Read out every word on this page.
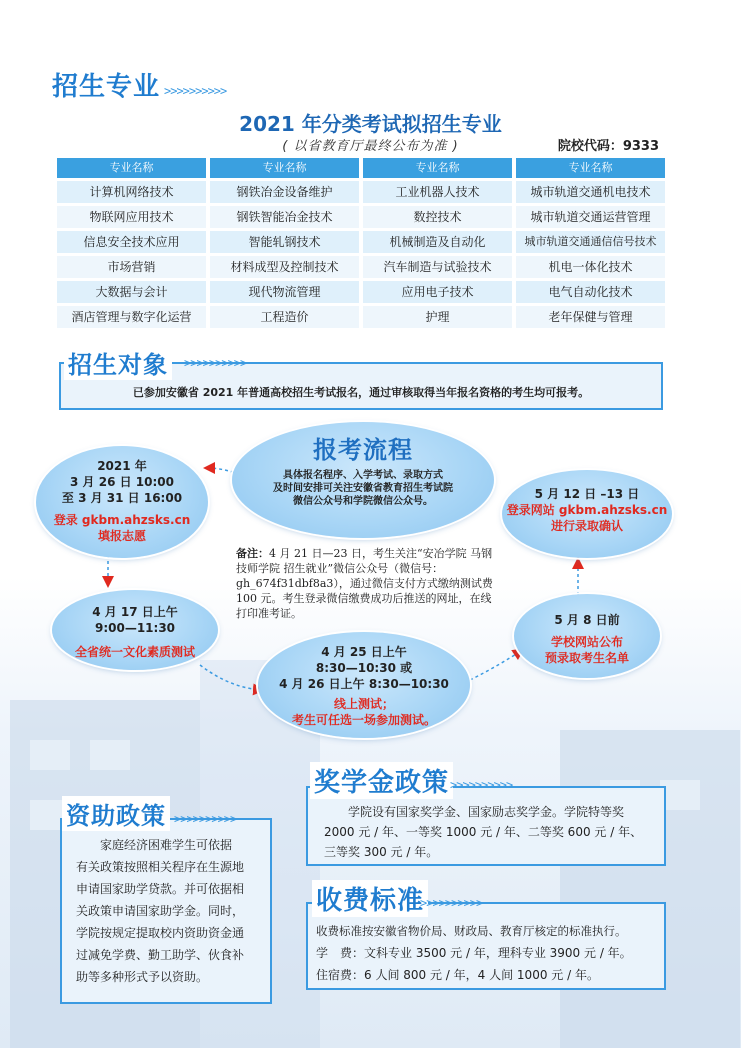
招生专业 >>>>>>>>>>
2021 年分类考试拟招生专业
( 以省教育厅最终公布为准 )	院校代码：9333
专业名称	专业名称	专业名称	专业名称
计算机网络技术	钢铁冶金设备维护	工业机器人技术	城市轨道交通机电技术
物联网应用技术	钢铁智能冶金技术	数控技术	城市轨道交通运营管理
信息安全技术应用	智能轧钢技术	机械制造及自动化	城市轨道交通通信信号技术
市场营销	材料成型及控制技术	汽车制造与试验技术	机电一体化技术
大数据与会计	现代物流管理	应用电子技术	电气自动化技术
酒店管理与数字化运营	工程造价	护理	老年保健与管理
已参加安徽省 2021 年普通高校招生考试报名，通过审核取得当年报名资格的考生均可报考。
招生对象	>>>>>>>>>>
报考流程
具体报名程序、入学考试、录取方式
及时间安排可关注安徽省教育招生考试院
微信公众号和学院微信公众号。
2021 年
3 月 26 日 10:00
至 3 月 31 日 16:00
登录 gkbm.ahzsks.cn
填报志愿
4 月 17 日上午
9:00—11:30
全省统一文化素质测试	4 月 25 日上午
8:30—10:30 或
4 月 26 日上午 8:30—10:30
线上测试；
考生可任选一场参加测试。
5 月 8 日前
学校网站公布
预录取考生名单
5 月 12 日 –13 日
登录网站 gkbm.ahzsks.cn
进行录取确认
备注：4 月 21 日—23 日，考生关注“安冶学院 马钢技师学院 招生就业”微信公众号（微信号：gh_674f31dbf8a3），通过微信支付方式缴纳测试费 100 元。考生登录微信缴费成功后推送的网址，在线打印准考证。
学院设有国家奖学金、国家励志奖学金。学院特等奖
2000 元 / 年、一等奖 1000 元 / 年、二等奖 600 元 / 年、
三等奖 300 元 / 年。
奖学金政策 >>>>>>>>>>
家庭经济困难学生可依据
有关政策按照相关程序在生源地
申请国家助学贷款。并可依据相
关政策申请国家助学金。同时，
学院按规定提取校内资助资金通
过减免学费、勤工助学、伙食补
助等多种形式予以资助。
资助政策 >>>>>>>>>>
收费标准按安徽省物价局、财政局、教育厅核定的标准执行。
学　费：文科专业 3500 元 / 年，理科专业 3900 元 / 年。
住宿费：6 人间 800 元 / 年，4 人间 1000 元 / 年。
收费标准
>>>>>>>>>>
